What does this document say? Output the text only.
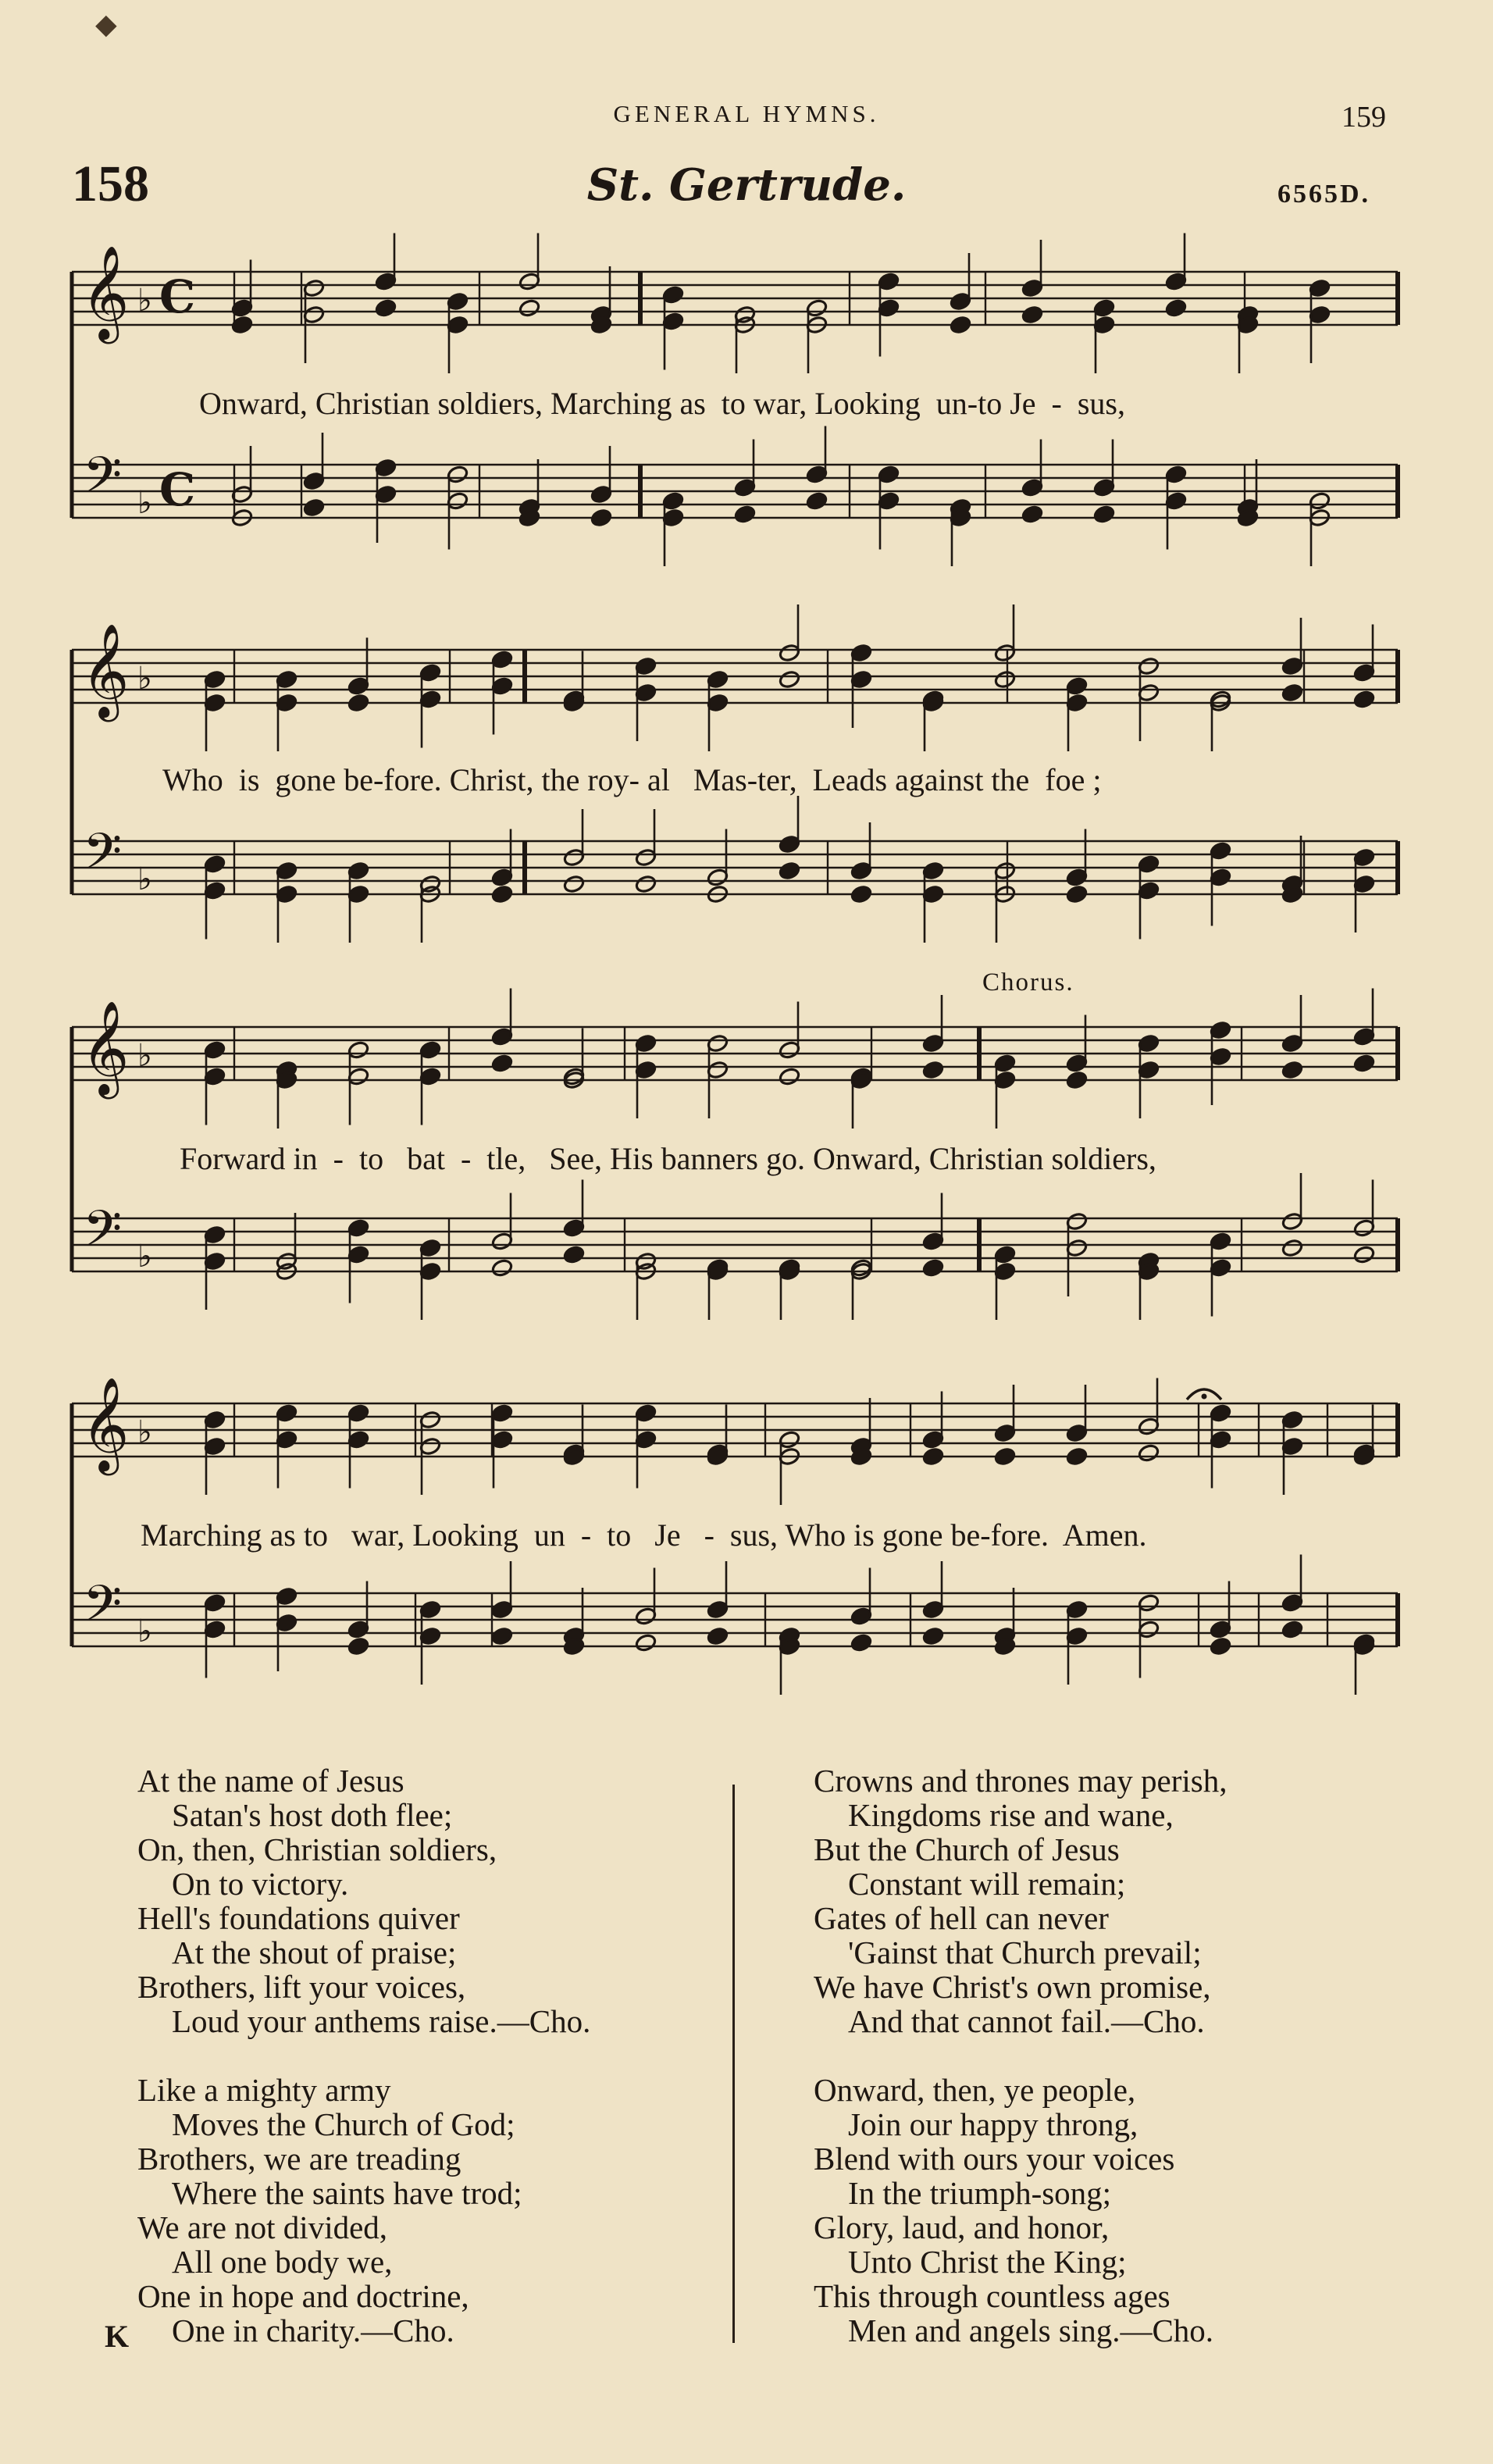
◆
GENERAL HYMNS.	159
158	St. Gertrude.	6565D.
𝄞
𝄢
♭
♭
C
C
𝄞
𝄢
♭
♭
𝄞
𝄢
♭
♭
𝄞
𝄢
♭
♭
Chorus.
Onward, Christian soldiers, Marching as  to war, Looking  un-to Je  -  sus,
Who  is  gone be-fore. Christ, the roy- al   Mas-ter,  Leads against the  foe ;
Forward in  -  to   bat  -  tle,   See, His banners go. Onward, Christian soldiers,
Marching as to   war, Looking  un  -  to   Je   -  sus, Who is gone be-fore.  Amen.
At the name of Jesus
Satan's host doth flee;
On, then, Christian soldiers,
On to victory.
Hell's foundations quiver
At the shout of praise;
Brothers, lift your voices,
Loud your anthems raise.—Cho.

Like a mighty army
Moves the Church of God;
Brothers, we are treading
Where the saints have trod;
We are not divided,
All one body we,
One in hope and doctrine,
One in charity.—Cho.
Crowns and thrones may perish,
Kingdoms rise and wane,
But the Church of Jesus
Constant will remain;
Gates of hell can never
'Gainst that Church prevail;
We have Christ's own promise,
And that cannot fail.—Cho.

Onward, then, ye people,
Join our happy throng,
Blend with ours your voices
In the triumph-song;
Glory, laud, and honor,
Unto Christ the King;
This through countless ages
Men and angels sing.—Cho.
K
